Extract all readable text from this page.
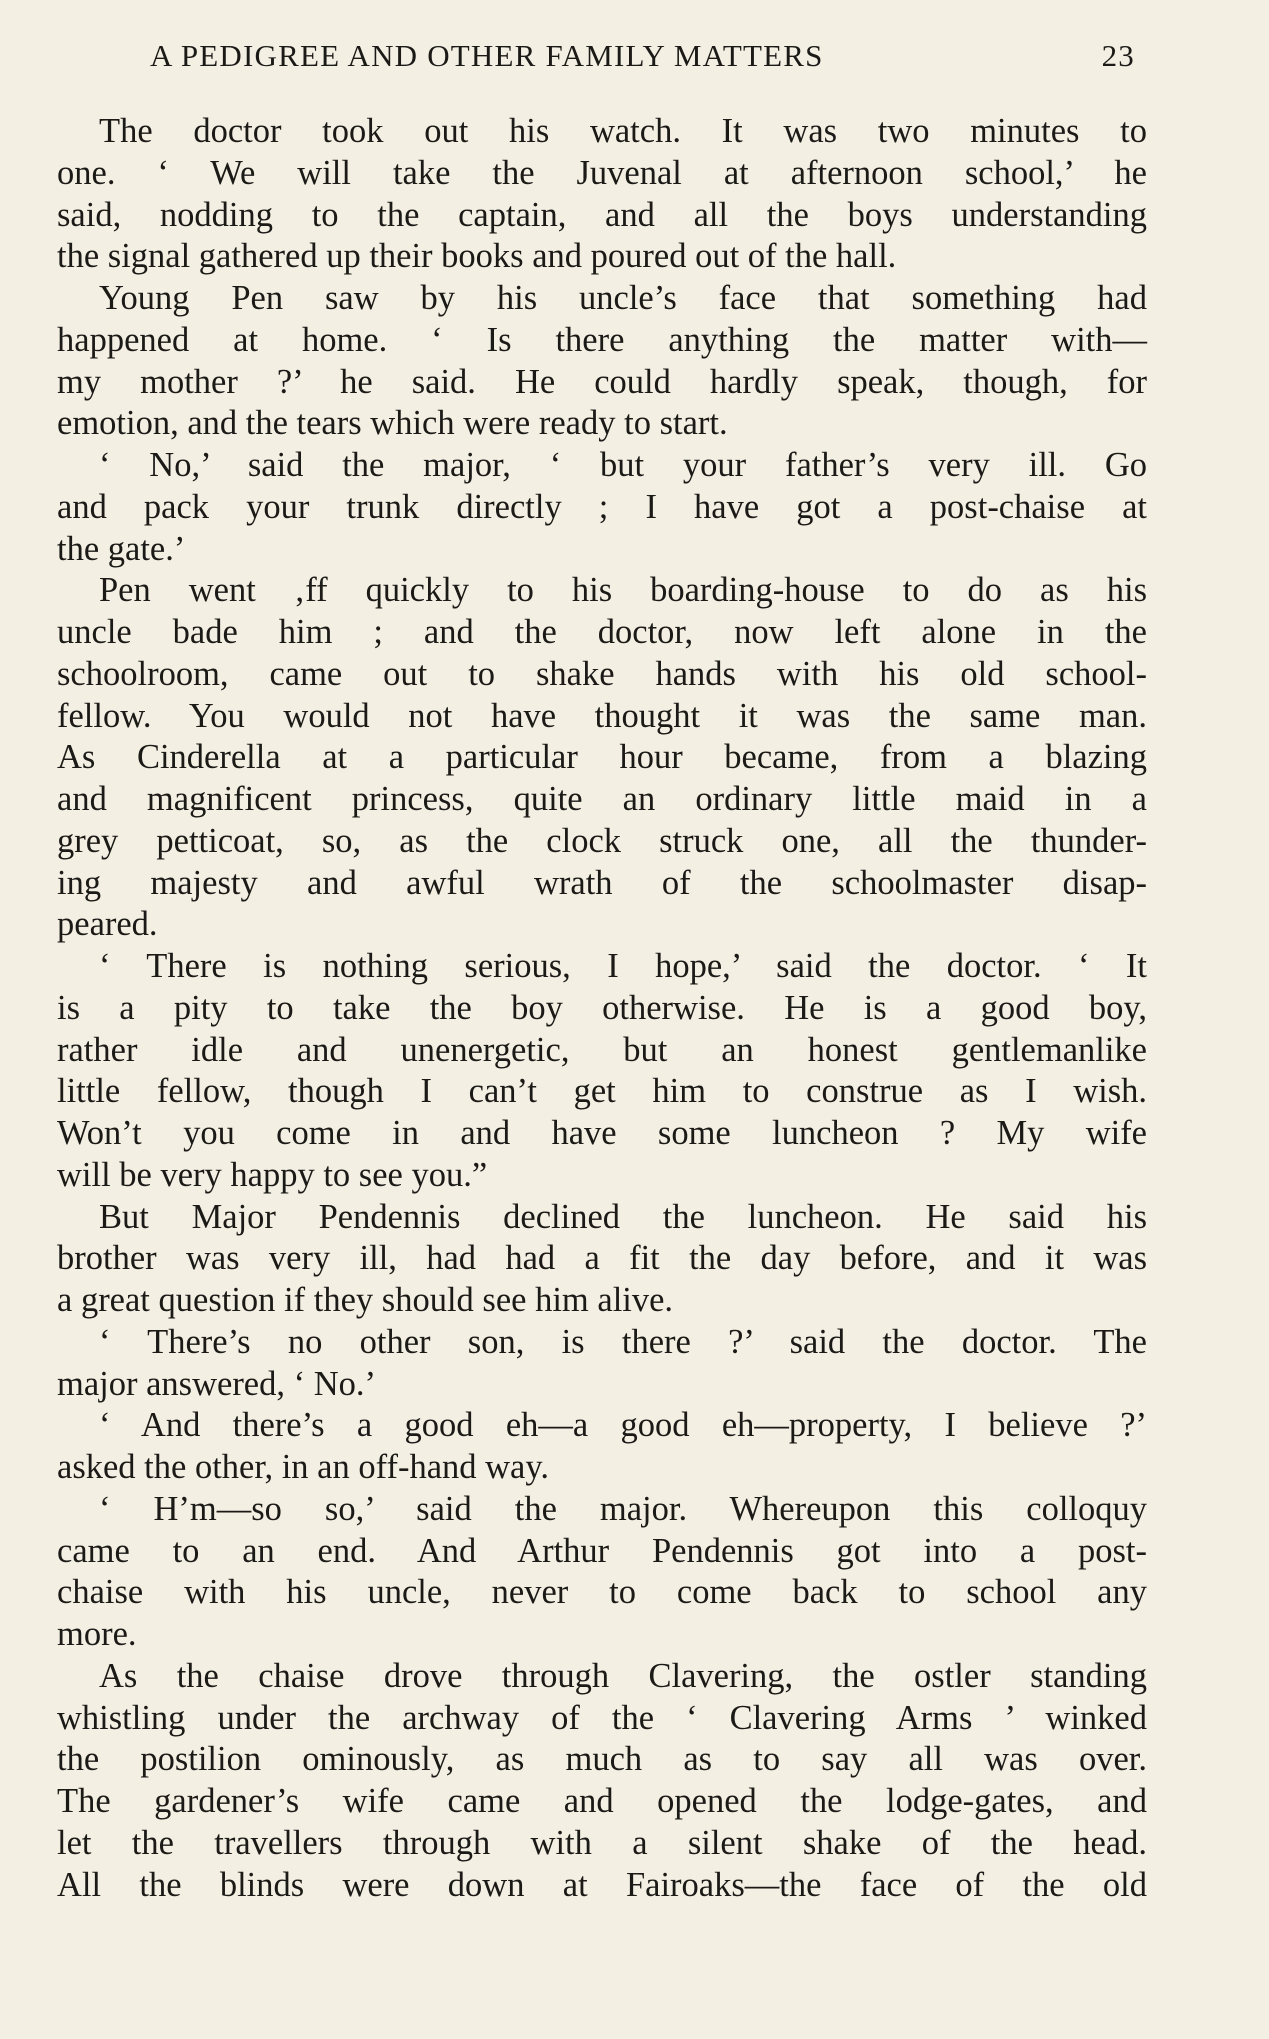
A PEDIGREE AND OTHER FAMILY MATTERS	23
The doctor took out his watch. It was two minutes to
one. ‘ We will take the Juvenal at afternoon school,’ he
said, nodding to the captain, and all the boys understanding
the signal gathered up their books and poured out of the hall.
Young Pen saw by his uncle’s face that something had
happened at home. ‘ Is there anything the matter with—
my mother ?’ he said. He could hardly speak, though, for
emotion, and the tears which were ready to start.
‘ No,’ said the major, ‘ but your father’s very ill. Go
and pack your trunk directly ; I have got a post-chaise at
the gate.’
Pen went ‚ff quickly to his boarding-house to do as his
uncle bade him ; and the doctor, now left alone in the
schoolroom, came out to shake hands with his old school-
fellow. You would not have thought it was the same man.
As Cinderella at a particular hour became, from a blazing
and magnificent princess, quite an ordinary little maid in a
grey petticoat, so, as the clock struck one, all the thunder-
ing majesty and awful wrath of the schoolmaster disap-
peared.
‘ There is nothing serious, I hope,’ said the doctor. ‘ It
is a pity to take the boy otherwise. He is a good boy,
rather idle and unenergetic, but an honest gentlemanlike
little fellow, though I can’t get him to construe as I wish.
Won’t you come in and have some luncheon ? My wife
will be very happy to see you.”
But Major Pendennis declined the luncheon. He said his
brother was very ill, had had a fit the day before, and it was
a great question if they should see him alive.
‘ There’s no other son, is there ?’ said the doctor. The
major answered, ‘ No.’
‘ And there’s a good eh—a good eh—property, I believe ?’
asked the other, in an off-hand way.
‘ H’m—so so,’ said the major. Whereupon this colloquy
came to an end. And Arthur Pendennis got into a post-
chaise with his uncle, never to come back to school any
more.
As the chaise drove through Clavering, the ostler standing
whistling under the archway of the ‘ Clavering Arms ’ winked
the postilion ominously, as much as to say all was over.
The gardener’s wife came and opened the lodge-gates, and
let the travellers through with a silent shake of the head.
All the blinds were down at Fairoaks—the face of the old
